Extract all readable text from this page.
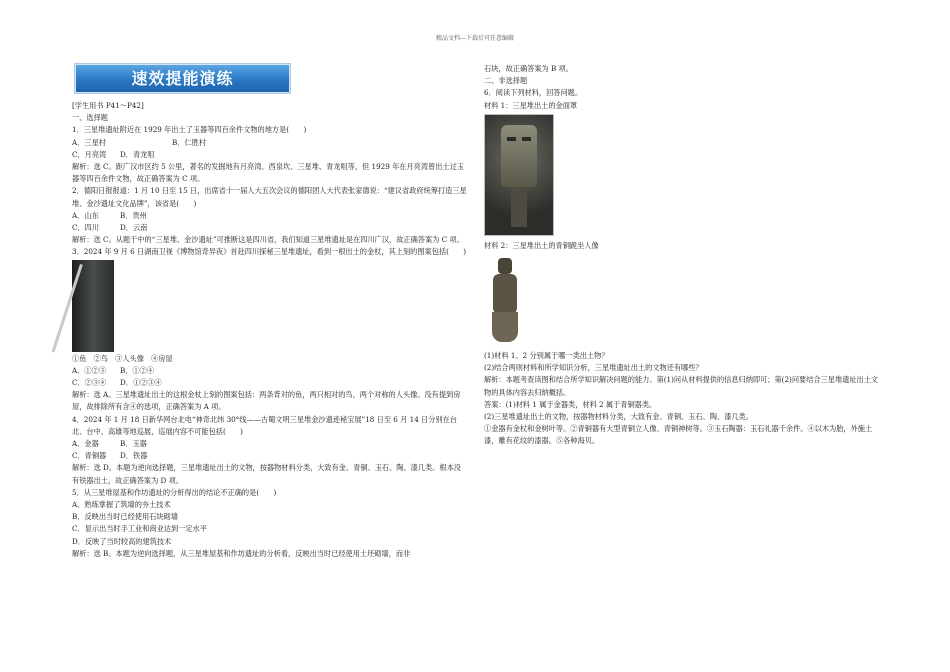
精品文档---下载后可任意编辑
速效提能演练
[学生用书 P41～P42]
一、选择题
1．三星堆遗址附近在 1929 年出土了玉器等四百余件文物的地方是(　　)
A．三星村	B．仁胜村
C．月亮湾	D．青龙咀
解析：选 C。距广汉市区约 5 公里，著名的发掘地有月亮湾、西泉坎、三星堆、青龙咀等，但 1929 年在月亮湾曾出土过玉器等四百余件文物，故正确答案为 C 项。
2．德阳日报报道：1 月 10 日至 15 日，出席省十一届人大五次会议的德阳团人大代表张家德说：“建议省政府统筹打造三星堆、金沙遗址文化品牌”，该省是(　　)
A．山东	B．贵州
C．四川	D．云南
解析：选 C。从题干中的“三星堆、金沙遗址”可推断这是四川省，我们知道三星堆遗址是在四川广汉，故正确答案为 C 项。
3．2024 年 9 月 6 日湖南卫视《博物馆奇异夜》首赴四川探秘三星堆遗址，看到一根出土的金杖，其上刻的图案包括(　　)
①鱼　②鸟　③人头像　④房屋
A．①②③	B．①②④
C．②③④	D．①②③④
解析：选 A。三星堆遗址出土的这根金杖上刻的图案包括：两条背对的鱼，两只相对的鸟，两个对称的人头像。没有提到房屋，故排除所有含④的选项，正确答案为 A 项。
4．2024 年 1 月 18 日新华网台北电“神奇北纬 30°线——古蜀文明三星堆金沙遗迹秘宝展”18 日至 6 月 14 日分别在台北、台中、高雄等地巡展，巡展内容不可能包括(　　)
A．金器	B．玉器
C．青铜器	D．铁器
解析：选 D。本题为逆向选择题，三星堆遗址出土的文物，按器物材料分类，大致有金、青铜、玉石、陶、漆几类。根本没有铁器出土，故正确答案为 D 项。
5．从三星堆屋基和作坊遗址的分析得出的结论不正确的是(　　)
A．熟练掌握了筑墙的夯土技术
B．反映出当时已经使用石块砌墙
C．显示出当时手工业和商业达到一定水平
D．反映了当时较高的建筑技术
解析：选 B。本题为逆向选择题，从三星堆屋基和作坊遗址的分析看，反映出当时已经使用土坯砌墙，而非
石块，故正确答案为 B 项。
二、非选择题
6．阅读下列材料，回答问题。
材料 1：三星堆出土的金面罩
材料 2：三星堆出土的青铜跪坐人像
(1)材料 1、2 分别属于哪一类出土物？
(2)结合两则材料和所学知识分析，三星堆遗址出土的文物还有哪些？
解析：本题考查读图和结合所学知识解决问题的能力。第(1)问从材料提供的信息归纳即可；第(2)问要结合三星堆遗址出土文物的具体内容去归纳概括。
答案：(1)材料 1 属于金器类，材料 2 属于青铜器类。
(2)三星堆遗址出土的文物，按器物材料分类，大致有金、青铜、玉石、陶、漆几类。
①金器有金杖和金树叶等。②青铜器有大型青铜立人像、青铜神树等。③玉石陶器：玉石礼器千余件。④以木为胎，外施土漆，雕有花纹的漆器。⑤各种海贝。
